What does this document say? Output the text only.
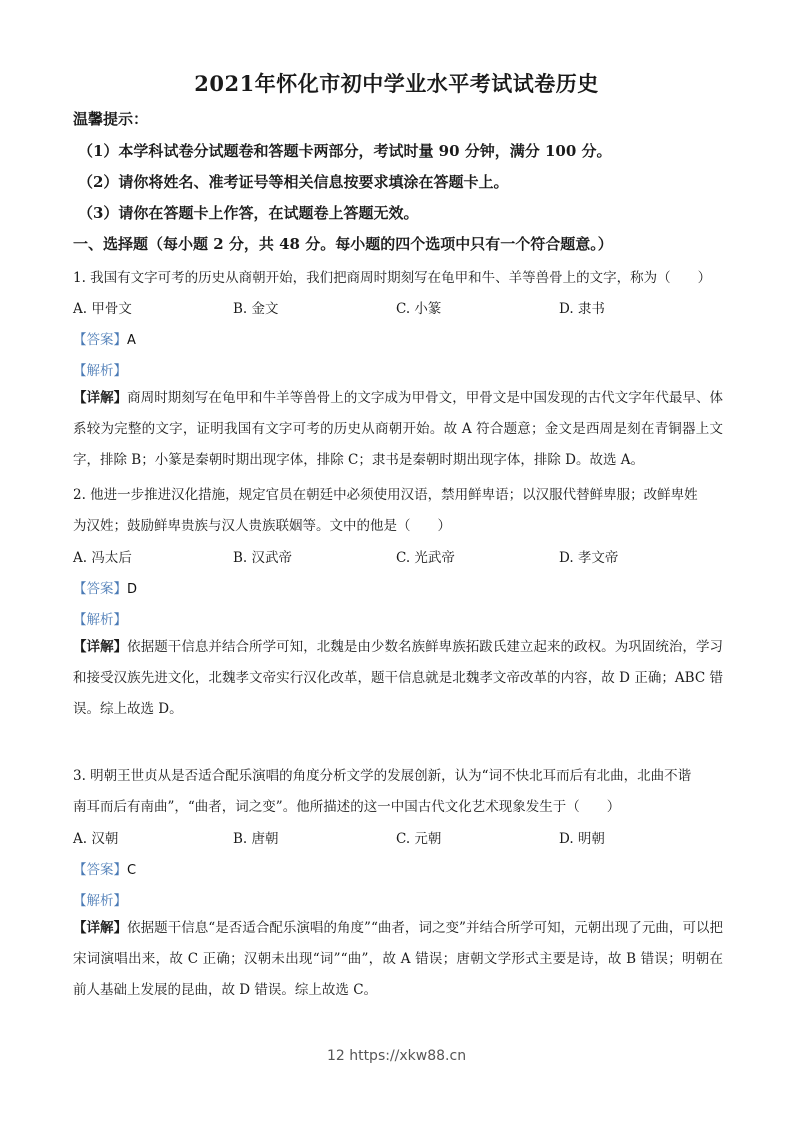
2021年怀化市初中学业水平考试试卷历史
温馨提示：
（1）本学科试卷分试题卷和答题卡两部分，考试时量 90 分钟，满分 100 分。
（2）请你将姓名、准考证号等相关信息按要求填涂在答题卡上。
（3）请你在答题卡上作答，在试题卷上答题无效。
一、选择题（每小题 2 分，共 48 分。每小题的四个选项中只有一个符合题意。）
1. 我国有文字可考的历史从商朝开始，我们把商周时期刻写在龟甲和牛、羊等兽骨上的文字，称为（　　）
A. 甲骨文	B. 金文	C. 小篆	D. 隶书
【答案】A
【解析】
【详解】商周时期刻写在龟甲和牛羊等兽骨上的文字成为甲骨文，甲骨文是中国发现的古代文字年代最早、体系较为完整的文字，证明我国有文字可考的历史从商朝开始。故 A 符合题意；金文是西周是刻在青铜器上文字，排除 B；小篆是秦朝时期出现字体，排除 C；隶书是秦朝时期出现字体，排除 D。故选 A。
2. 他进一步推进汉化措施，规定官员在朝廷中必须使用汉语，禁用鲜卑语；以汉服代替鲜卑服；改鲜卑姓
为汉姓；鼓励鲜卑贵族与汉人贵族联姻等。文中的他是（　　）
A. 冯太后	B. 汉武帝	C. 光武帝	D. 孝文帝
【答案】D
【解析】
【详解】依据题干信息并结合所学可知，北魏是由少数名族鲜卑族拓跋氏建立起来的政权。为巩固统治，学习和接受汉族先进文化，北魏孝文帝实行汉化改革，题干信息就是北魏孝文帝改革的内容，故 D 正确；ABC 错误。综上故选 D。
3. 明朝王世贞从是否适合配乐演唱的角度分析文学的发展创新，认为“词不快北耳而后有北曲，北曲不谐
南耳而后有南曲”，“曲者，词之变”。他所描述的这一中国古代文化艺术现象发生于（　　）
A. 汉朝	B. 唐朝	C. 元朝	D. 明朝
【答案】C
【解析】
【详解】依据题干信息“是否适合配乐演唱的角度”“曲者，词之变”并结合所学可知，元朝出现了元曲，可以把宋词演唱出来，故 C 正确；汉朝未出现“词”“曲”，故 A 错误；唐朝文学形式主要是诗，故 B 错误；明朝在前人基础上发展的昆曲，故 D 错误。综上故选 C。
12 https://xkw88.cn
